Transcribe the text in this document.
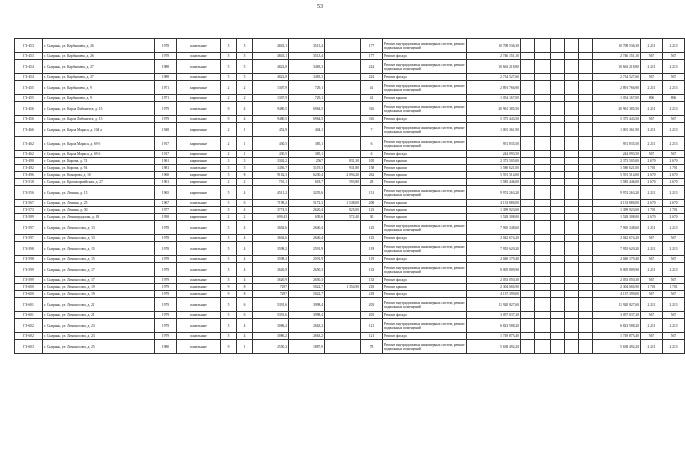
53
ГЗ-453	г. Сызрань, ул. Карбышева, д. 26	1978	панельные	5	5	4843,1	3513,4		177	Ремонт внутридомовых инженерных систем, ремонт подвальных помещений	10 708 536,30						10 708 536,30	2 211	2 213
ГЗ-453	г. Сызрань, ул. Карбышева, д. 26	1978	панельные	5	5	4843,1	3513,4		177	Ремонт фасада	2 746 151,10						2 746 151,10	567	567
ГЗ-454	г. Сызрань, ул. Карбышева, д. 27	1988	панельные	5	5	4822,8	3483,3		224	Ремонт внутридомовых инженерных систем, ремонт подвальных помещений	10 663 218,80						10 663 218,80	2 211	2 213
ГЗ-454	г. Сызрань, ул. Карбышева, д. 27	1988	панельные	5	5	4822,8	3483,3		224	Ремонт фасада	2 734 527,60						2 734 527,60	567	567
ГЗ-455	г. Сызрань, ул. Карбышева, д. 9	1971	кирпичные	2	2	1307,9	729,1		41	Ремонт внутридомовых инженерных систем, ремонт подвальных помещений	2 891 766,90						2 891 766,90	2 211	2 213
ГЗ-455	г. Сызрань, ул. Карбышева, д. 9	1971	кирпичные	2	2	1307,9	729,1		41	Ремонт крыши	1 054 167,00						1 054 167,00	806	806
ГЗ-456	г. Сызрань, ул. Карла Либкнехта, д. 15	1979	панельные	9	4	9480,5	6964,5		316	Ремонт внутридомовых инженерных систем, ремонт подвальных помещений	20 961 385,50						20 961 385,50	2 211	2 213
ГЗ-456	г. Сызрань, ул. Карла Либкнехта, д. 15	1979	панельные	9	4	9480,5	6964,5		316	Ремонт фасада	5 375 443,50						5 375 443,50	567	567
ГЗ-466	г. Сызрань, ул. Карла Маркса, д. 104 а	1948	кирпичные	2	1	452,9	404,1		7	Ремонт внутридомовых инженерных систем, ремонт подвальных помещений	1 001 361,90						1 001 361,90	2 211	2 213
ГЗ-462	г. Сызрань, ул. Карла Маркса, д. 69 б	1917	кирпичные	2	1	430,5	385,1		6	Ремонт внутридомовых инженерных систем, ремонт подвальных помещений	951 835,50						951 835,50	2 211	2 213
ГЗ-462	г. Сызрань, ул. Карла Маркса, д. 69 б	1917	кирпичные	2	1	430,5	385,1		6	Ремонт фасада	244 093,50						244 093,50	567	567
ГЗ-490	г. Сызрань, ул. Кирова, д. 74	1961	кирпичные	3	3	3302,2	2567	831,30	105	Ремонт крыши	2 373 505,00						2 373 505,00	2 670	2 670
ГЗ-492	г. Сызрань, ул. Кирова, д. 94	1981	панельные	5	5	1456,7	5119,3	931,80	158	Ремонт крыши	1 580 621,00						1 580 621,00	1 701	1 701
ГЗ-496	г. Сызрань, ул. Комарова, д. 10	1968	кирпичные	5	8	9102,3	6230,4	2 094,20	262	Ремонт крыши	5 591 514,00						5 591 514,00	2 670	2 670
ГЗ-518	г. Сызрань, ул. Красноармейская, д. 27	1961	кирпичные	2	2	701,1	618,7	593,80	28	Ремонт крыши	1 585 446,00						1 585 446,00	2 670	2 670
ГЗ-556	г. Сызрань, ул. Ленина, д. 15	1965	кирпичные	5	4	4511,2	3255,6		131	Ремонт внутридомовых инженерных систем, ремонт подвальных помещений	9 974 263,20						9 974 263,20	2 211	2 213
ГЗ-567	г. Сызрань, ул. Ленина, д. 25	1967	панельные	5	6	7198,2	5172,3	1 548,00	208	Ремонт крыши	4 133 880,00						4 133 880,00	2 670	2 670
ГЗ-573	г. Сызрань, ул. Ленина, д. 30	1977	панельные	5	4	3774,5	2620,4	825,00	123	Ремонт крыши	1 399 923,00						1 399 923,00	1 701	1 701
ГЗ-589	г. Сызрань, ул. Ленинградская, д. 18	1958	кирпичные	2	2	699,43	639,6	572,40	30	Ремонт крыши	1 528 308,00						1 528 308,00	2 670	2 670
ГЗ-597	г. Сызрань, ул. Ломоносова, д. 13	1978	панельные	5	4	3602,6	2640,4		125	Ремонт внутридомовых инженерных систем, ремонт подвальных помещений	7 965 348,60						7 965 348,60	2 211	2 213
ГЗ-597	г. Сызрань, ул. Ломоносова, д. 13	1978	панельные	5	4	3602,6	2640,4		125	Ремонт фасада	2 042 674,20						2 042 674,20	567	567
ГЗ-598	г. Сызрань, ул. Ломоносова, д. 15	1978	панельные	5	4	3598,2	2591,9		119	Ремонт внутридомовых инженерных систем, ремонт подвальных помещений	7 955 620,20						7 955 620,20	2 211	2 213
ГЗ-598	г. Сызрань, ул. Ломоносова, д. 15	1978	панельные	5	4	3598,2	2591,9		119	Ремонт фасада	2 040 179,40						2 040 179,40	567	567
ГЗ-599	г. Сызрань, ул. Ломоносова, д. 17	1979	панельные	5	4	3620,9	2650,3		133	Ремонт внутридомовых инженерных систем, ремонт подвальных помещений	8 005 809,90						8 005 809,90	2 211	2 213
ГЗ-599	г. Сызрань, ул. Ломоносова, д. 17	1979	панельные	5	4	3620,9	2650,3		133	Ремонт фасада	2 053 050,30						2 053 050,30	567	567
ГЗ-600	г. Сызрань, ул. Ломоносова, д. 19	1979	панельные	9	8	7297	5022,7	1 354,90	218	Ремонт крыши	2 304 684,90						2 304 684,90	1 701	1 701
ГЗ-600	г. Сызрань, ул. Ломоносова, д. 19	1979	панельные	9	8	7297	5022,7		218	Ремонт фасада	4 137 399,00						4 137 399,00	567	567
ГЗ-601	г. Сызрань, ул. Ломоносова, д. 21	1979	панельные	5	6	5391,6	3998,4		203	Ремонт внутридомовых инженерных систем, ремонт подвальных помещений	11 920 827,60						11 920 827,60	2 211	2 213
ГЗ-601	г. Сызрань, ул. Ломоносова, д. 21	1979	панельные	5	6	5391,6	3998,4		203	Ремонт фасада	3 057 037,20						3 057 037,20	567	567
ГЗ-602	г. Сызрань, ул. Ломоносова, д. 23	1979	панельные	5	4	3086,2	2663,2		121	Ремонт внутридомовых инженерных систем, ремонт подвальных помещений	6 823 588,20						6 823 588,20	2 211	2 213
ГЗ-602	г. Сызрань, ул. Ломоносова, д. 23	1979	панельные	5	4	3086,2	2663,2		121	Ремонт фасада	1 749 875,40						1 749 875,40	567	567
ГЗ-603	г. Сызрань, ул. Ломоносова, д. 25	1980	панельные	9	1	2550,2	1887,9		78	Ремонт внутридомовых инженерных систем, ремонт подвальных помещений	5 638 492,20						5 638 492,20	2 211	2 213
